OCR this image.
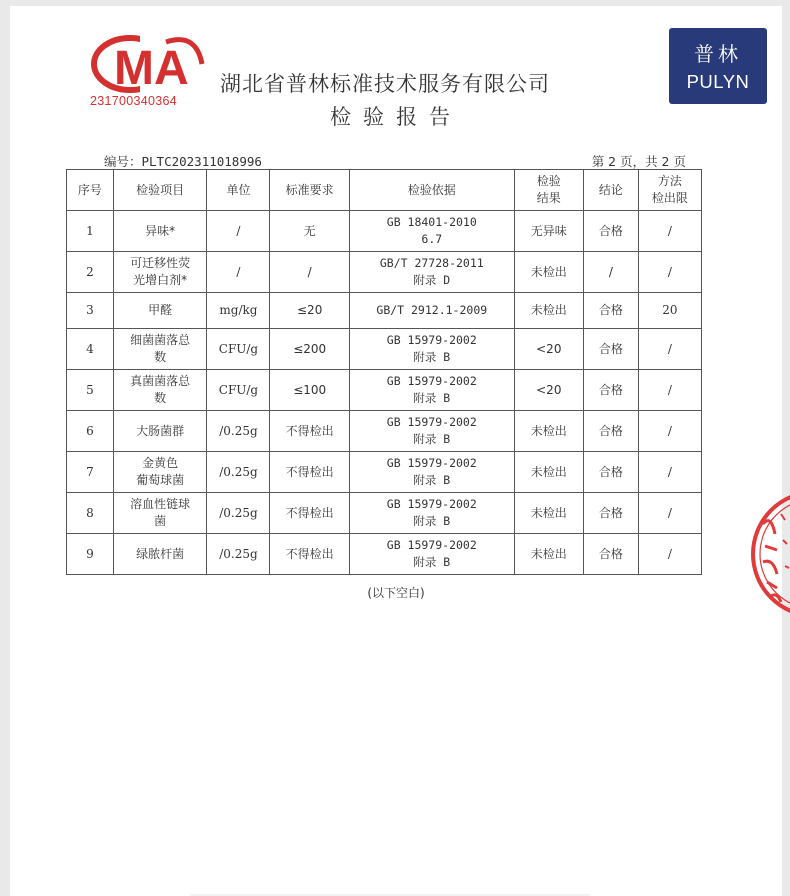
MA
231700340364
湖北省普林标准技术服务有限公司
检验报告
普林
PULYN
编号：PLTC202311018996	第 2 页，共 2 页
序号	检验项目	单位	标准要求	检验依据	检验
结果	结论	方法
检出限
1	异味*	/	无	GB 18401-2010
6.7	无异味	合格	/
2	可迁移性荧
光增白剂*	/	/	GB/T 27728-2011
附录 D	未检出	/	/
3	甲醛	mg/kg	≤20	GB/T 2912.1-2009	未检出	合格	20
4	细菌菌落总
数	CFU/g	≤200	GB 15979-2002
附录 B	<20	合格	/
5	真菌菌落总
数	CFU/g	≤100	GB 15979-2002
附录 B	<20	合格	/
6	大肠菌群	/0.25g	不得检出	GB 15979-2002
附录 B	未检出	合格	/
7	金黄色
葡萄球菌	/0.25g	不得检出	GB 15979-2002
附录 B	未检出	合格	/
8	溶血性链球
菌	/0.25g	不得检出	GB 15979-2002
附录 B	未检出	合格	/
9	绿脓杆菌	/0.25g	不得检出	GB 15979-2002
附录 B	未检出	合格	/
(以下空白)
